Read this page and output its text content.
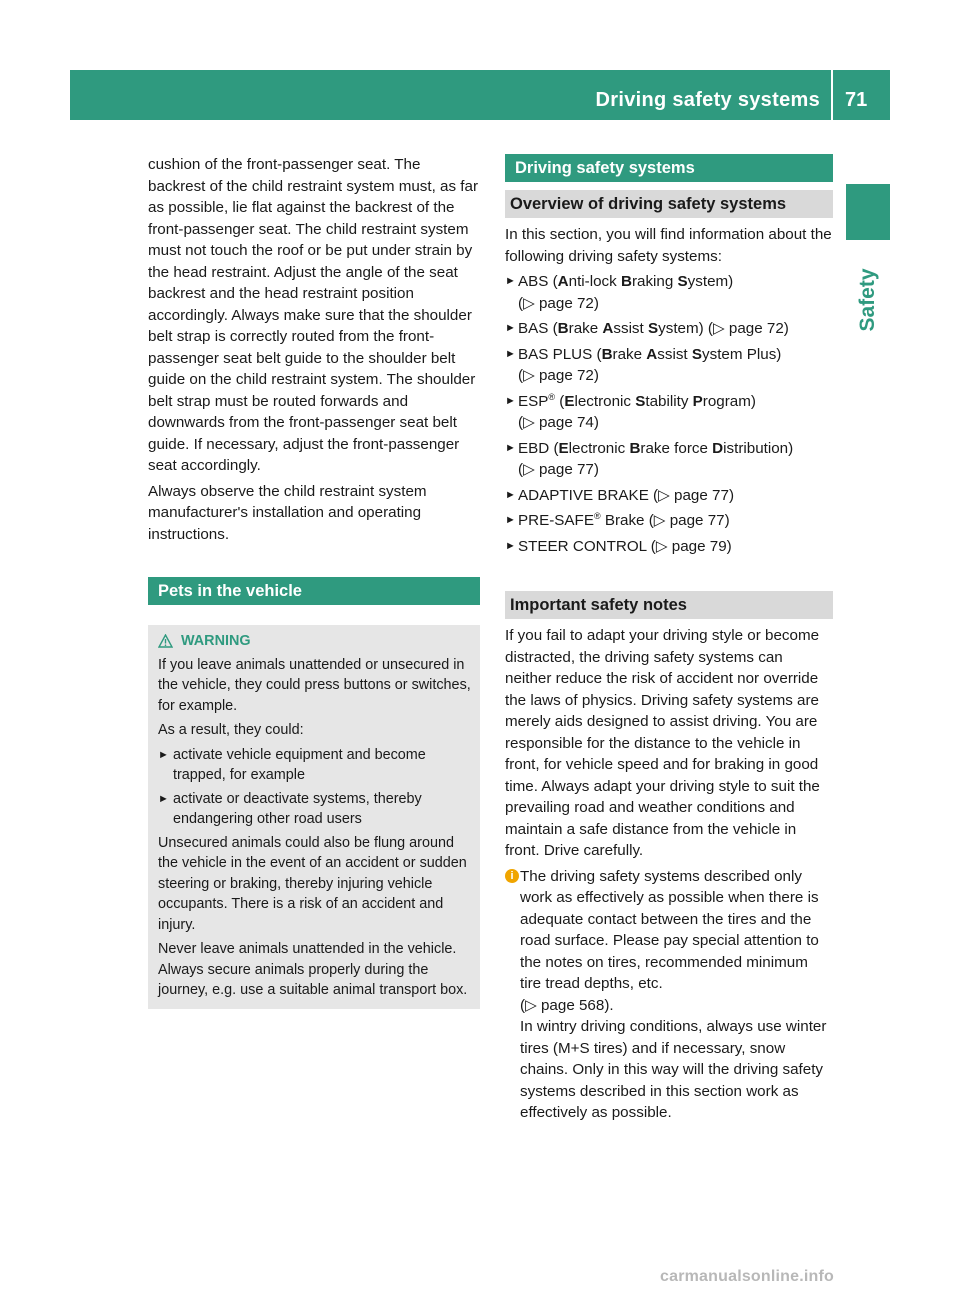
Driving safety systems 71
Safety

cushion of the front-passenger seat. The backrest of the child restraint system must, as far as possible, lie flat against the backrest of the front-passenger seat. The child restraint system must not touch the roof or be put under strain by the head restraint. Adjust the angle of the seat backrest and the head restraint position accordingly. Always make sure that the shoulder belt strap is correctly routed from the front-passenger seat belt guide to the shoulder belt guide on the child restraint system. The shoulder belt strap must be routed forwards and downwards from the front-passenger seat belt guide. If necessary, adjust the front-passenger seat accordingly.

Always observe the child restraint system manufacturer's installation and operating instructions.

Pets in the vehicle
WARNING

If you leave animals unattended or unsecured in the vehicle, they could press buttons or switches, for example.

As a result, they could:

► activate vehicle equipment and become trapped, for example
► activate or deactivate systems, thereby endangering other road users

Unsecured animals could also be flung around the vehicle in the event of an accident or sudden steering or braking, thereby injuring vehicle occupants. There is a risk of an accident and injury.

Never leave animals unattended in the vehicle. Always secure animals properly during the journey, e.g. use a suitable animal transport box.

Driving safety systems
Overview of driving safety systems

In this section, you will find information about the following driving safety systems:

► ABS (Anti-lock Braking System)
(▷ page 72)
► BAS (Brake Assist System) (▷ page 72)
► BAS PLUS (Brake Assist System Plus)
(▷ page 72)
► ESP® (Electronic Stability Program)
(▷ page 74)
► EBD (Electronic Brake force Distribution)
(▷ page 77)
► ADAPTIVE BRAKE (▷ page 77)
► PRE-SAFE® Brake (▷ page 77)
► STEER CONTROL (▷ page 79)
Important safety notes

If you fail to adapt your driving style or become distracted, the driving safety systems can neither reduce the risk of accident nor override the laws of physics. Driving safety systems are merely aids designed to assist driving. You are responsible for the distance to the vehicle in front, for vehicle speed and for braking in good time. Always adapt your driving style to suit the prevailing road and weather conditions and maintain a safe distance from the vehicle in front. Drive carefully.

i The driving safety systems described only work as effectively as possible when there is adequate contact between the tires and the road surface. Please pay special attention to the notes on tires, recommended minimum tire tread depths, etc.
(▷ page 568).

In wintry driving conditions, always use winter tires (M+S tires) and if necessary, snow chains. Only in this way will the driving safety systems described in this section work as effectively as possible.

carmanualsonline.info
